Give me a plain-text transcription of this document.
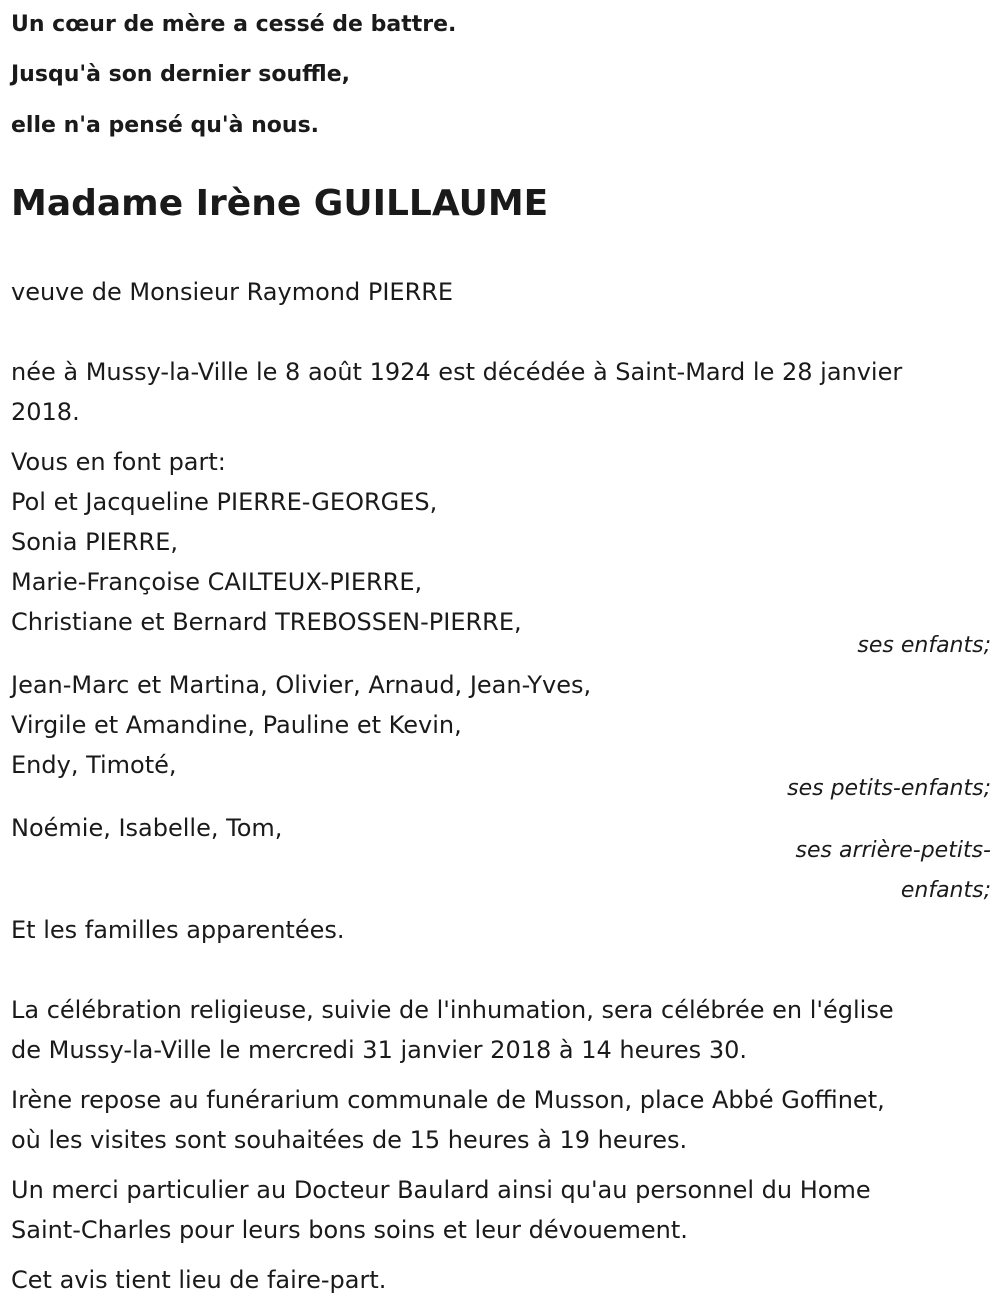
Un cœur de mère a cessé de battre.

Jusqu'à son dernier souffle,

elle n'a pensé qu'à nous.

Madame Irène GUILLAUME

veuve de Monsieur Raymond PIERRE

née à Mussy-la-Ville le 8 août 1924 est décédée à Saint-Mard le 28 janvier

2018.

Vous en font part:

Pol et Jacqueline PIERRE-GEORGES,

Sonia PIERRE,

Marie-Françoise CAILTEUX-PIERRE,

Christiane et Bernard TREBOSSEN-PIERRE,

ses enfants;

Jean-Marc et Martina, Olivier, Arnaud, Jean-Yves,

Virgile et Amandine, Pauline et Kevin,

Endy, Timoté,

ses petits-enfants;

Noémie, Isabelle, Tom,

ses arrière-petits-
enfants;

Et les familles apparentées.

La célébration religieuse, suivie de l'inhumation, sera célébrée en l'église

de Mussy-la-Ville le mercredi 31 janvier 2018 à 14 heures 30.

Irène repose au funérarium communale de Musson, place Abbé Goffinet,

où les visites sont souhaitées de 15 heures à 19 heures.

Un merci particulier au Docteur Baulard ainsi qu'au personnel du Home

Saint-Charles pour leurs bons soins et leur dévouement.

Cet avis tient lieu de faire-part.
